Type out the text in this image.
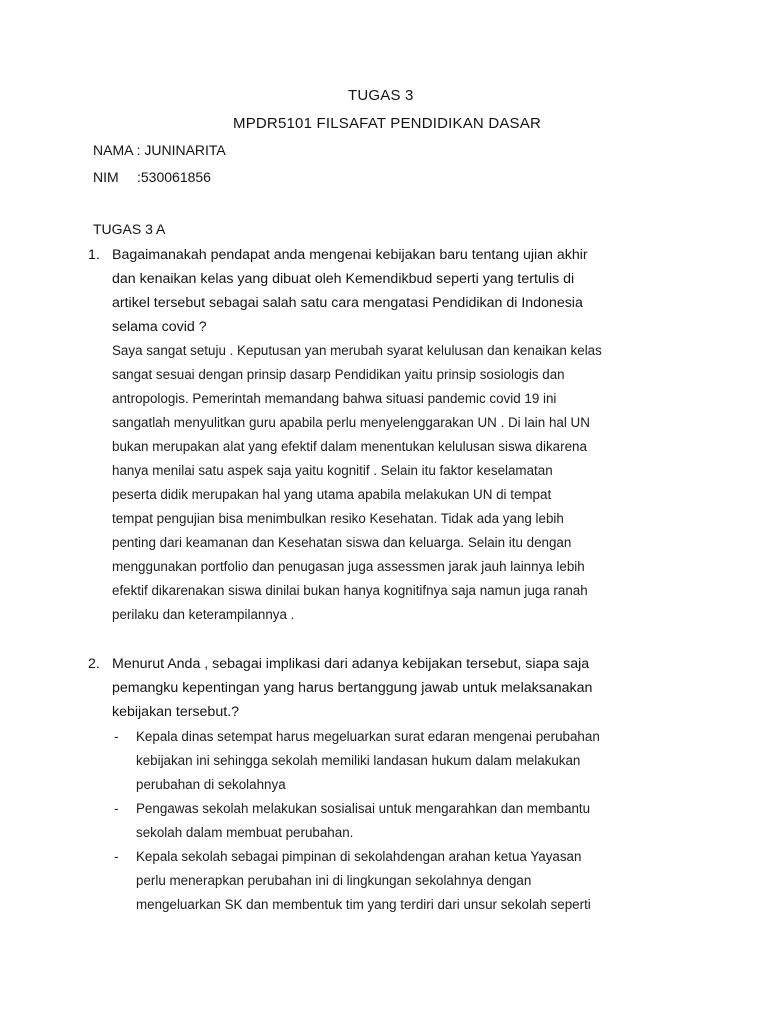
TUGAS 3
MPDR5101 FILSAFAT PENDIDIKAN DASAR
NAMA : JUNINARITA
NIM :530061856
TUGAS 3 A
1. Bagaimanakah pendapat anda mengenai kebijakan baru tentang ujian akhir
dan kenaikan kelas yang dibuat oleh Kemendikbud seperti yang tertulis di
artikel tersebut sebagai salah satu cara mengatasi Pendidikan di Indonesia
selama covid ?
Saya sangat setuju . Keputusan yan merubah syarat kelulusan dan kenaikan kelas
sangat sesuai dengan prinsip dasarp Pendidikan yaitu prinsip sosiologis dan
antropologis. Pemerintah memandang bahwa situasi pandemic covid 19 ini
sangatlah menyulitkan guru apabila perlu menyelenggarakan UN . Di lain hal UN
bukan merupakan alat yang efektif dalam menentukan kelulusan siswa dikarena
hanya menilai satu aspek saja yaitu kognitif . Selain itu faktor keselamatan
peserta didik merupakan hal yang utama apabila melakukan UN di tempat
tempat pengujian bisa menimbulkan resiko Kesehatan. Tidak ada yang lebih
penting dari keamanan dan Kesehatan siswa dan keluarga. Selain itu dengan
menggunakan portfolio dan penugasan juga assessmen jarak jauh lainnya lebih
efektif dikarenakan siswa dinilai bukan hanya kognitifnya saja namun juga ranah
perilaku dan keterampilannya .
2. Menurut Anda , sebagai implikasi dari adanya kebijakan tersebut, siapa saja
pemangku kepentingan yang harus bertanggung jawab untuk melaksanakan
kebijakan tersebut.?
- Kepala dinas setempat harus megeluarkan surat edaran mengenai perubahan
kebijakan ini sehingga sekolah memiliki landasan hukum dalam melakukan
perubahan di sekolahnya
- Pengawas sekolah melakukan sosialisai untuk mengarahkan dan membantu
sekolah dalam membuat perubahan.
- Kepala sekolah sebagai pimpinan di sekolahdengan arahan ketua Yayasan
perlu menerapkan perubahan ini di lingkungan sekolahnya dengan
mengeluarkan SK dan membentuk tim yang terdiri dari unsur sekolah seperti
